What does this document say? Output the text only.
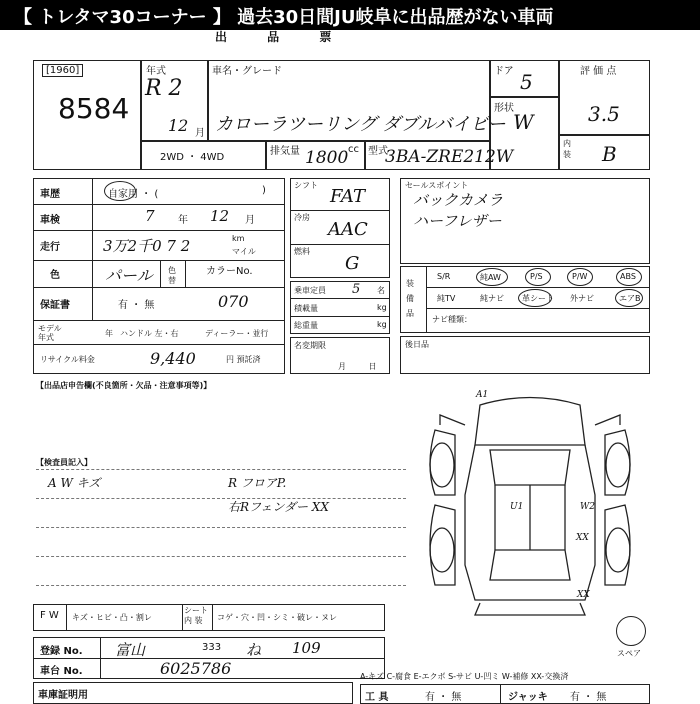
【 トレタマ30コーナー 】 過去30日間JU岐阜に出品歴がない車両
出 品 票
[1960]
8584
年式
R 2
12 月
車名・グレード
カローラツーリング ダブルバイビー
ドア 5
形状
W
評 価 点
3.5
内装 B
2WD ・ 4WD
排気量 1800 cc 型式
3BA-ZRE212W
車歴	自家用 ・ (	)
車検	7 年 12 月
走行	3万2千0 7 2	km
マイル
色	パール 色替
カラーNo.
保証書	有 ・ 無	070
モデル
年式	年 ハンドル 左・右	ディーラー・並行
リサイクル料金	9,440	円 預託済
シフト
FAT
冷房
AAC
燃料
G
乗車定員 5 名
積載量	kg
総重量	kg
名変期限
月 日
セールスポイント
バックカメラ
ハーフレザー
装備品
S/R	純AW	P/S	P/W	ABS
純TV	純ナビ 革シート 外ナビ	エアB
ナビ種類：
後日品
【出品店申告欄(不良箇所・欠品・注意事項等)】
【検査員記入】
A W キズ	R フロアP.
右Rフェンダー XX
A1
U1	W2
XX
XX
スペア
F W キズ・ヒビ・凸・割レ
シート
内 装	コゲ・穴・凹・シミ・破レ・ヌレ
登録 No. 富山	333 ね 109
車台 No.	6025786
車庫証明用
A-キズ C-腐食 E-エクボ S-サビ U-凹ミ W-補修 XX-交換済
工 具	有 ・ 無	ジャッキ 有 ・ 無
